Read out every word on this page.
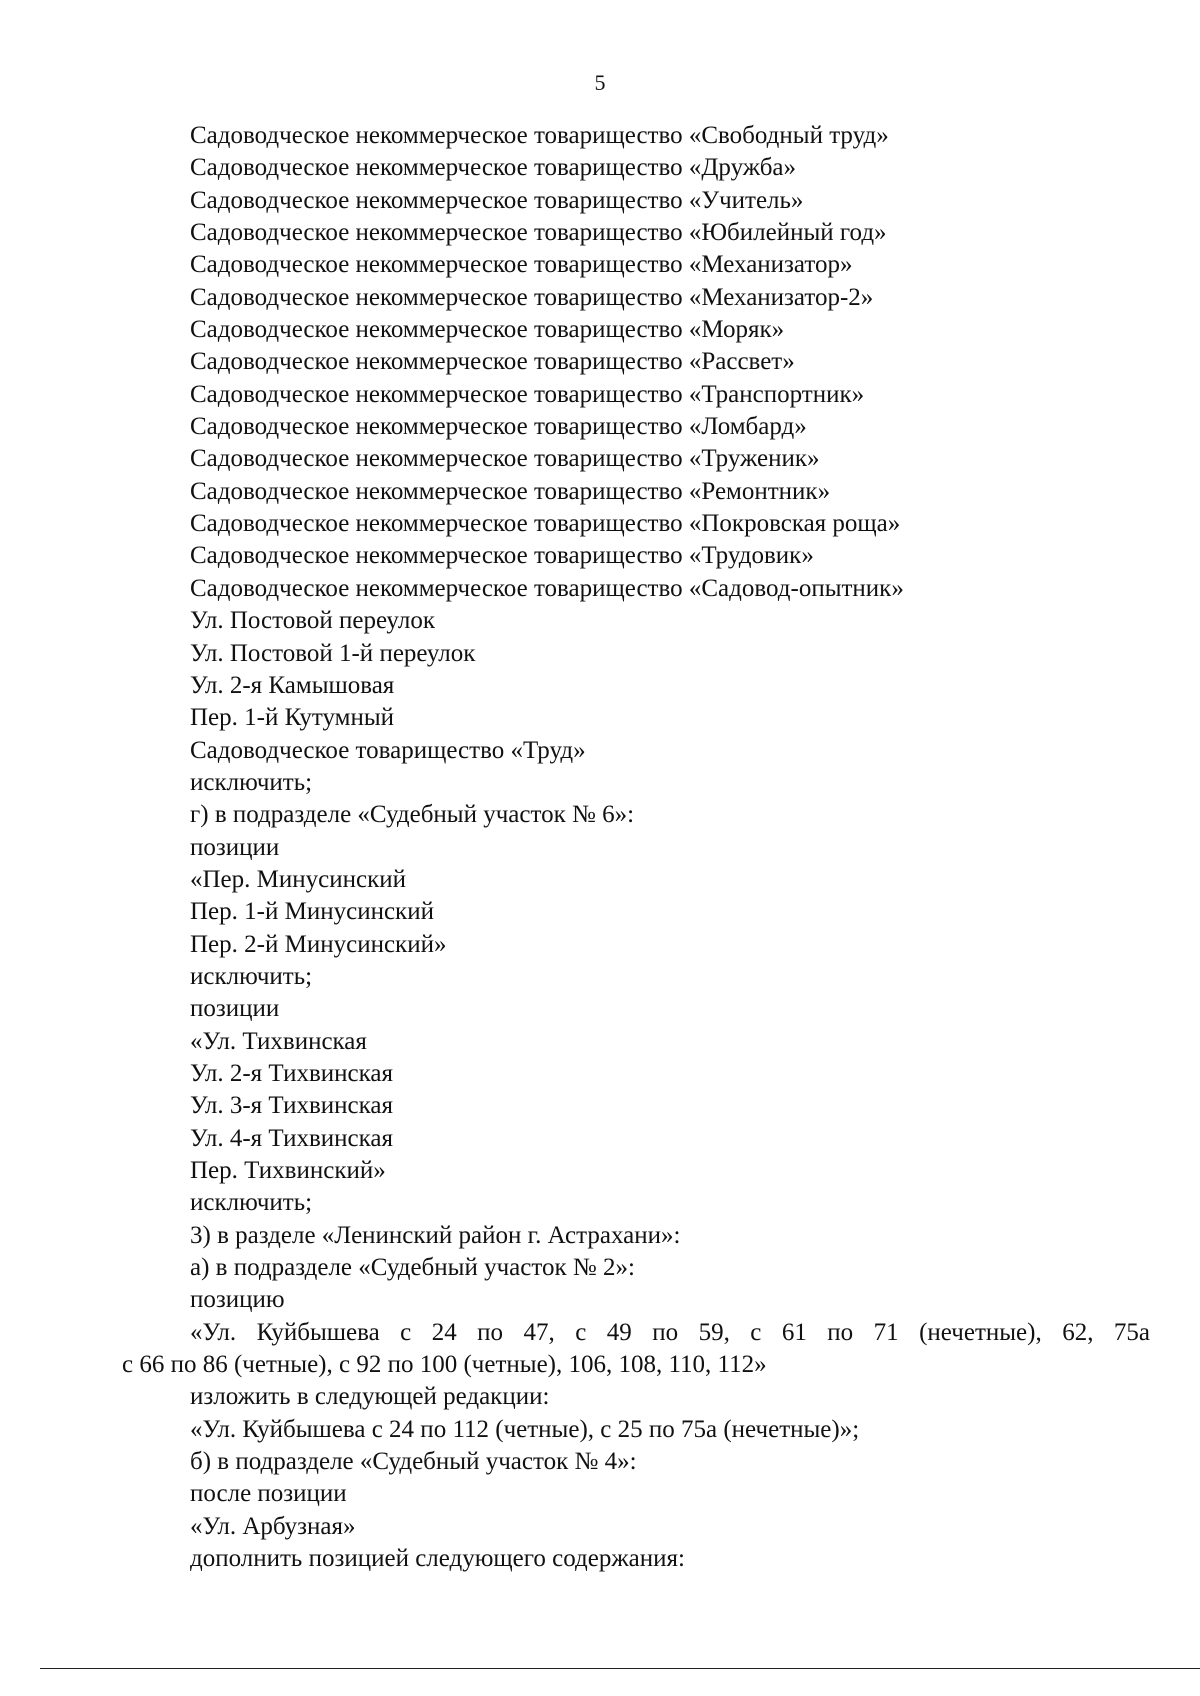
5
Садоводческое некоммерческое товарищество «Свободный труд»
Садоводческое некоммерческое товарищество «Дружба»
Садоводческое некоммерческое товарищество «Учитель»
Садоводческое некоммерческое товарищество «Юбилейный год»
Садоводческое некоммерческое товарищество «Механизатор»
Садоводческое некоммерческое товарищество «Механизатор-2»
Садоводческое некоммерческое товарищество «Моряк»
Садоводческое некоммерческое товарищество «Рассвет»
Садоводческое некоммерческое товарищество «Транспортник»
Садоводческое некоммерческое товарищество «Ломбард»
Садоводческое некоммерческое товарищество «Труженик»
Садоводческое некоммерческое товарищество «Ремонтник»
Садоводческое некоммерческое товарищество «Покровская роща»
Садоводческое некоммерческое товарищество «Трудовик»
Садоводческое некоммерческое товарищество «Садовод-опытник»
Ул. Постовой переулок
Ул. Постовой 1-й переулок
Ул. 2-я Камышовая
Пер. 1-й Кутумный
Садоводческое товарищество «Труд»
исключить;
г) в подразделе «Судебный участок № 6»:
позиции
«Пер. Минусинский
Пер. 1-й Минусинский
Пер. 2-й Минусинский»
исключить;
позиции
«Ул. Тихвинская
Ул. 2-я Тихвинская
Ул. 3-я Тихвинская
Ул. 4-я Тихвинская
Пер. Тихвинский»
исключить;
3) в разделе «Ленинский район г. Астрахани»:
а) в подразделе «Судебный участок № 2»:
позицию
«Ул. Куйбышева с 24 по 47, с 49 по 59, с 61 по 71 (нечетные), 62, 75а
с 66 по 86 (четные), с 92 по 100 (четные), 106, 108, 110, 112»
изложить в следующей редакции:
«Ул. Куйбышева с 24 по 112 (четные), с 25 по 75а (нечетные)»;
б) в подразделе «Судебный участок № 4»:
после позиции
«Ул. Арбузная»
дополнить позицией следующего содержания:
